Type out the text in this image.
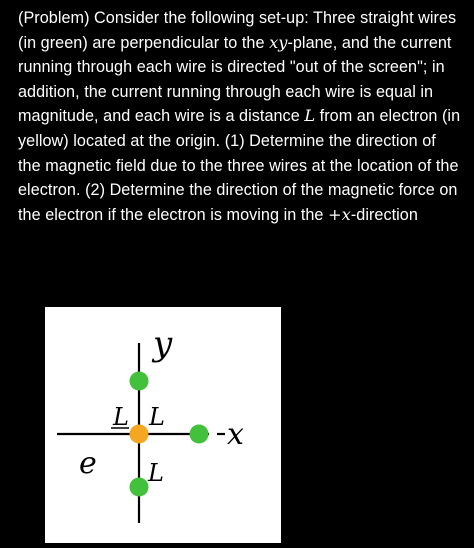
(Problem) Consider the following set-up: Three straight wires (in green) are perpendicular to the xy-plane, and the current running through each wire is directed "out of the screen"; in addition, the current running through each wire is equal in magnitude, and each wire is a distance L from an electron (in yellow) located at the origin. (1) Determine the direction of the magnetic field due to the three wires at the location of the electron. (2) Determine the direction of the magnetic force on the electron if the electron is moving in the +x-direction
y
x
e
L L
L
